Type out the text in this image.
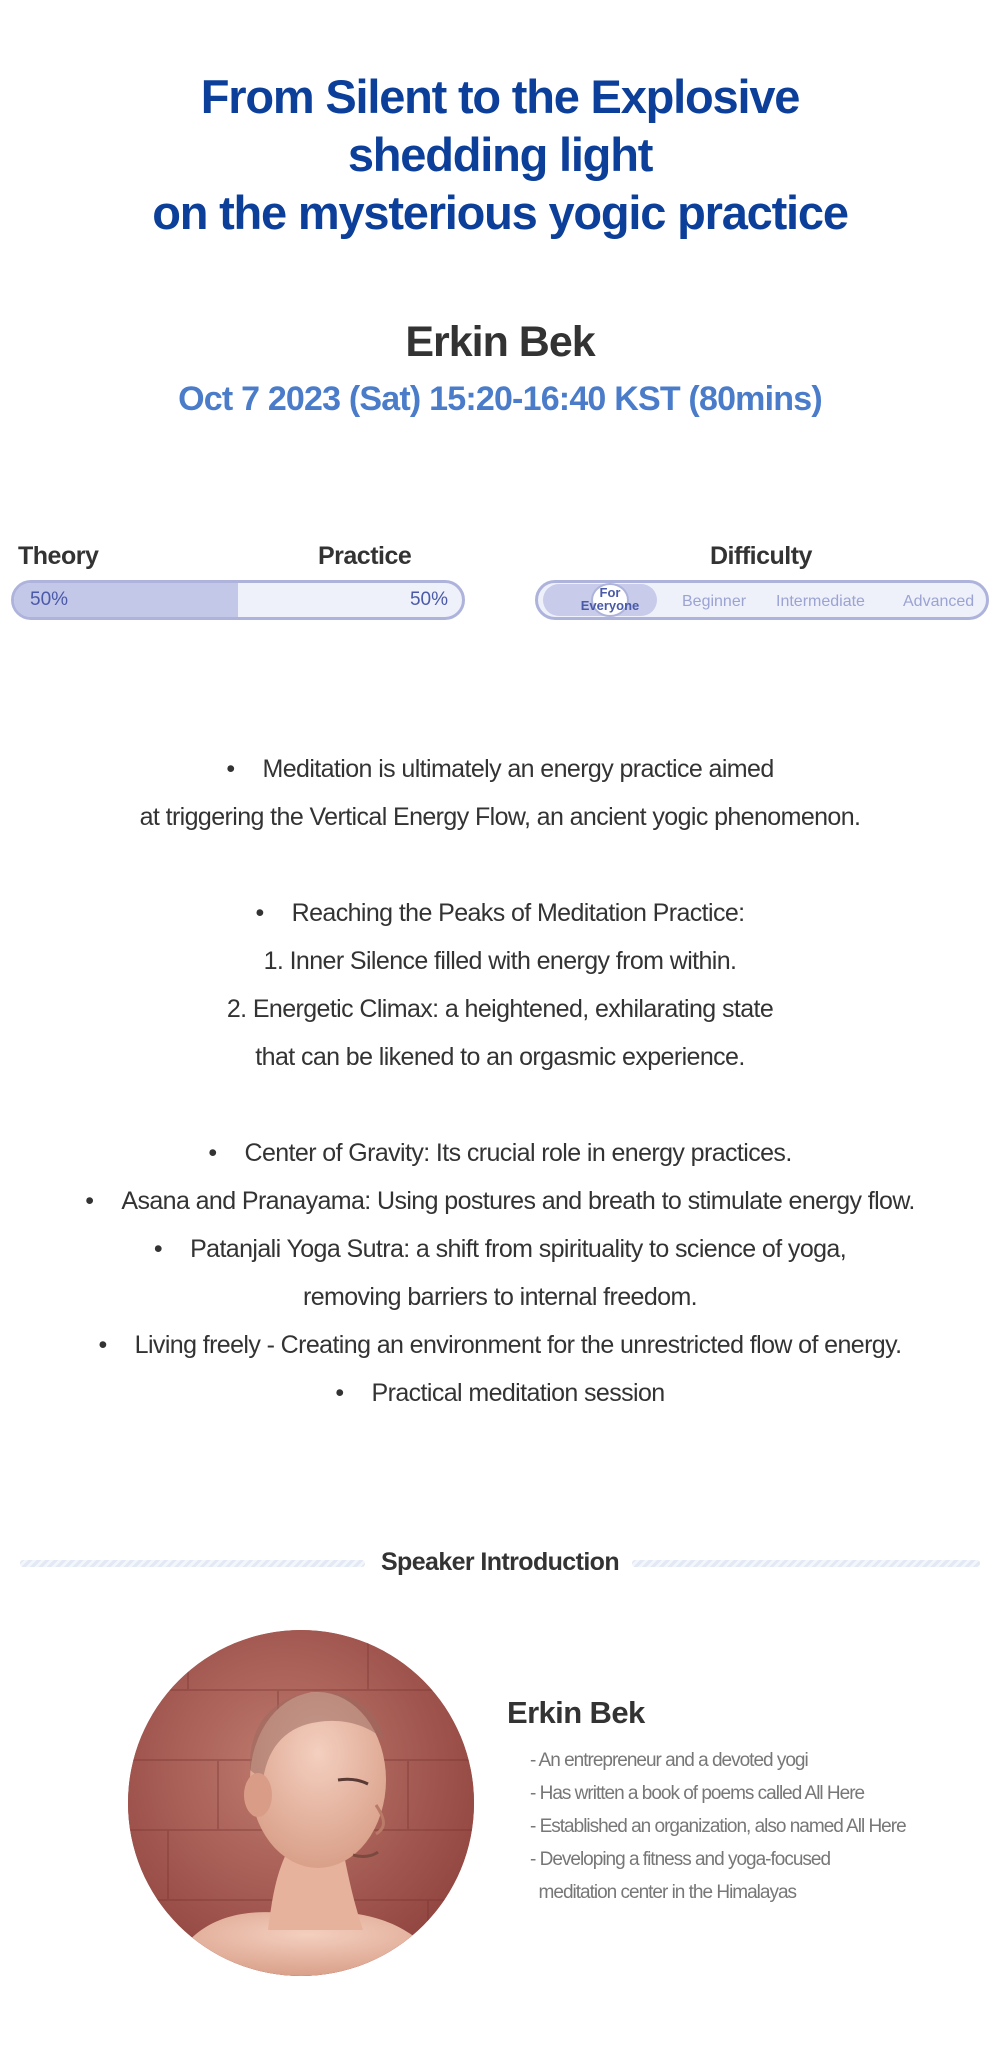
From Silent to the Explosive
shedding light
on the mysterious yogic practice
Erkin Bek
Oct 7 2023 (Sat) 15:20-16:40 KST (80mins)
Theory	Practice
50%	50%
Difficulty
For
Everyone	Beginner Intermediate Advanced
• Meditation is ultimately an energy practice aimed
at triggering the Vertical Energy Flow, an ancient yogic phenomenon.
• Reaching the Peaks of Meditation Practice:
1. Inner Silence filled with energy from within.
2. Energetic Climax: a heightened, exhilarating state
that can be likened to an orgasmic experience.
• Center of Gravity: Its crucial role in energy practices.
• Asana and Pranayama: Using postures and breath to stimulate energy flow.
• Patanjali Yoga Sutra: a shift from spirituality to science of yoga,
removing barriers to internal freedom.
• Living freely - Creating an environment for the unrestricted flow of energy.
• Practical meditation session
Speaker Introduction
Erkin Bek
- An entrepreneur and a devoted yogi
- Has written a book of poems called All Here
- Established an organization, also named All Here
- Developing a fitness and yoga-focused
meditation center in the Himalayas
